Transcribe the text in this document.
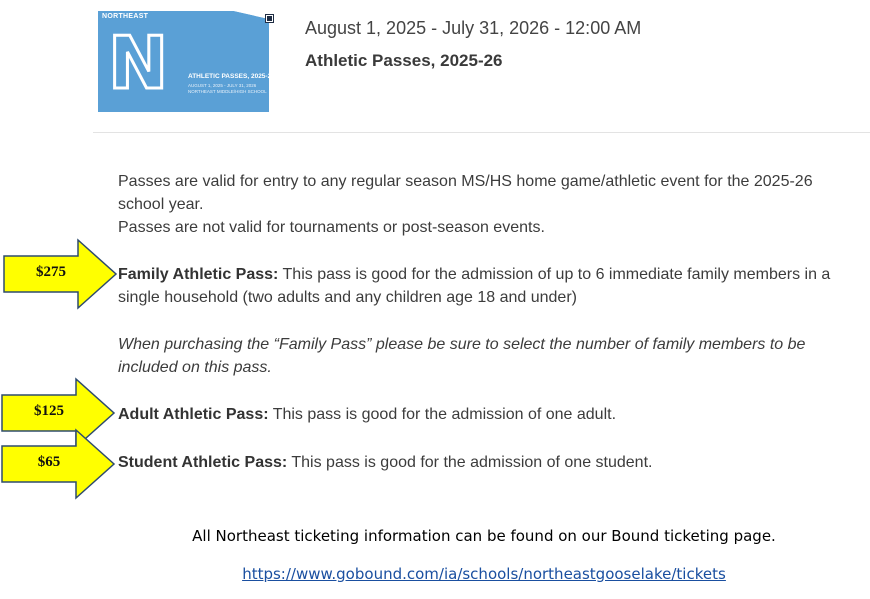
NORTHEAST
N	ATHLETIC PASSES, 2025-26
AUGUST 1, 2025 - JULY 31, 2026
NORTHEAST MIDDLE/HIGH SCHOOL
August 1, 2025 - July 31, 2026 - 12:00 AM
Athletic Passes, 2025-26
Passes are valid for entry to any regular season MS/HS home game/athletic event for the 2025-26 school year.
Passes are not valid for tournaments or post-season events.
Family Athletic Pass: This pass is good for the admission of up to 6 immediate family members in a single household (two adults and any children age 18 and under)
When purchasing the “Family Pass” please be sure to select the number of family members to be included on this pass.
Adult Athletic Pass: This pass is good for the admission of one adult.
Student Athletic Pass: This pass is good for the admission of one student.
$275
$125
$65
All Northeast ticketing information can be found on our Bound ticketing page.
https://www.gobound.com/ia/schools/northeastgooselake/tickets
